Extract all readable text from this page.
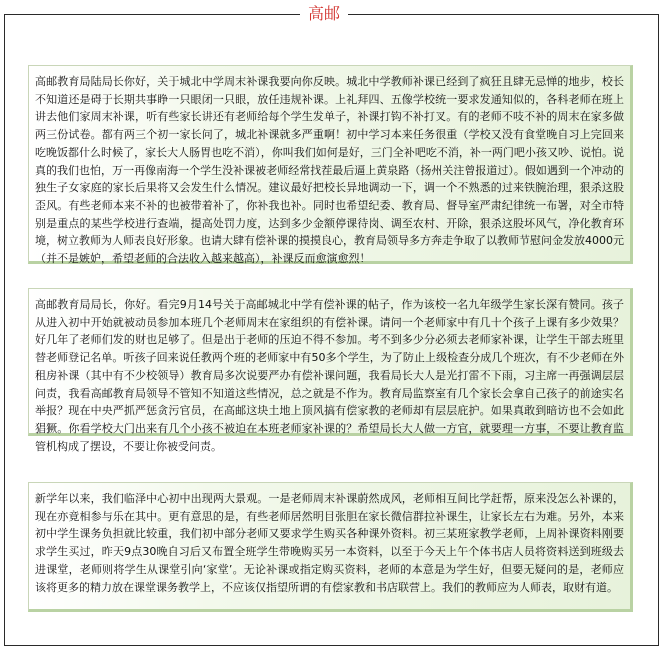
高邮

高邮教育局陆局长你好，关于城北中学周末补课我要向你反映。城北中学教师补课已经到了疯狂且肆无忌惮的地步，校长不知道还是碍于长期共事睁一只眼闭一只眼，放任违规补课。上礼拜四、五像学校统一要求发通知似的，各科老师在班上讲去他们家周末补课，听有些家长讲还有老师给每个学生发单子，补课打钩不补打叉。有的老师不吱不补的周末在家多做两三份试卷。都有两三个初一家长问了，城北补课就多严重啊！初中学习本来任务很重（学校又没有食堂晚自习上完回来吃晚饭都什么时候了，家长大人肠胃也吃不消），你叫我们如何是好，三门全补吧吃不消，补一两门吧小孩又吵、说怕。说真的我们也怕，万一再像南海一个学生没补课被老师经常找茬最后逼上黄泉路（扬州关注曾报道过）。假如遇到一个冲动的独生子女家庭的家长后果将又会发生什么情况。建议最好把校长异地调动一下，调一个不熟悉的过来铁腕治理，狠杀这股歪风。有些老师本来不补的也被带着补了，你补我也补。同时也希望纪委、教育局、督导室严肃纪律统一布署，对全市特别是重点的某些学校进行查端，提高处罚力度，达到多少金额停课待岗、调至农村、开除，狠杀这股坏风气，净化教育环境，树立教师为人师表良好形象。也请大肆有偿补课的摸摸良心，教育局领导多方奔走争取了以教师节慰问金发放4000元（并不是嫉妒，希望老师的合法收入越来越高），补课反而愈演愈烈！

高邮教育局局长，你好。看完9月14号关于高邮城北中学有偿补课的帖子，作为该校一名九年级学生家长深有赞同。孩子从进入初中开始就被动员参加本班几个老师周末在家组织的有偿补课。请问一个老师家中有几十个孩子上课有多少效果？好几年了老师们发的财也足够了。但是出于老师的压迫不得不参加。考不到多少分必须去老师家补课，让学生干部去班里替老师登记名单。听孩子回来说任教两个班的老师家中有50多个学生，为了防止上级检查分成几个班次，有不少老师在外租房补课（其中有不少校领导）教育局多次说要严办有偿补课问题，我看局长大人是光打雷不下雨，习主席一再强调层层问责，我看高邮教育局领导不管知不知道这些情况，总之就是不作为。教育局监察室有几个家长会拿自己孩子的前途实名举报？现在中央严抓严惩贪污官员，在高邮这块土地上顶风搞有偿家教的老师却有层层庇护。如果真敢到暗访也不会如此猖獗。你看学校大门出来有几个小孩不被迫在本班老师家补课的？希望局长大人做一方官，就要理一方事，不要让教育监管机构成了摆设，不要让你被受问责。

新学年以来，我们临泽中心初中出现两大景观。一是老师周末补课蔚然成风，老师相互间比学赶帮，原来没怎么补课的，现在亦竟相参与乐在其中。更有意思的是，有些老师居然明目张胆在家长微信群拉补课生，让家长左右为难。另外，本来初中学生课务负担就比较重，我们初中部分老师又要求学生购买各种课外资料。初三某班家教学老师，上周补课资料刚要求学生买过，昨天9点30晚自习后又布置全班学生带晚购买另一本资料，以至于今天上午个体书店人员将资料送到班级去进课堂，老师则将学生从课堂引向‘家堂’。无论补课或指定购买资料，老师的本意是为学生好，但要无疑问的是，老师应该将更多的精力放在课堂课务教学上，不应该仅指望所谓的有偿家教和书店联营上。我们的教师应为人师表，取财有道。
